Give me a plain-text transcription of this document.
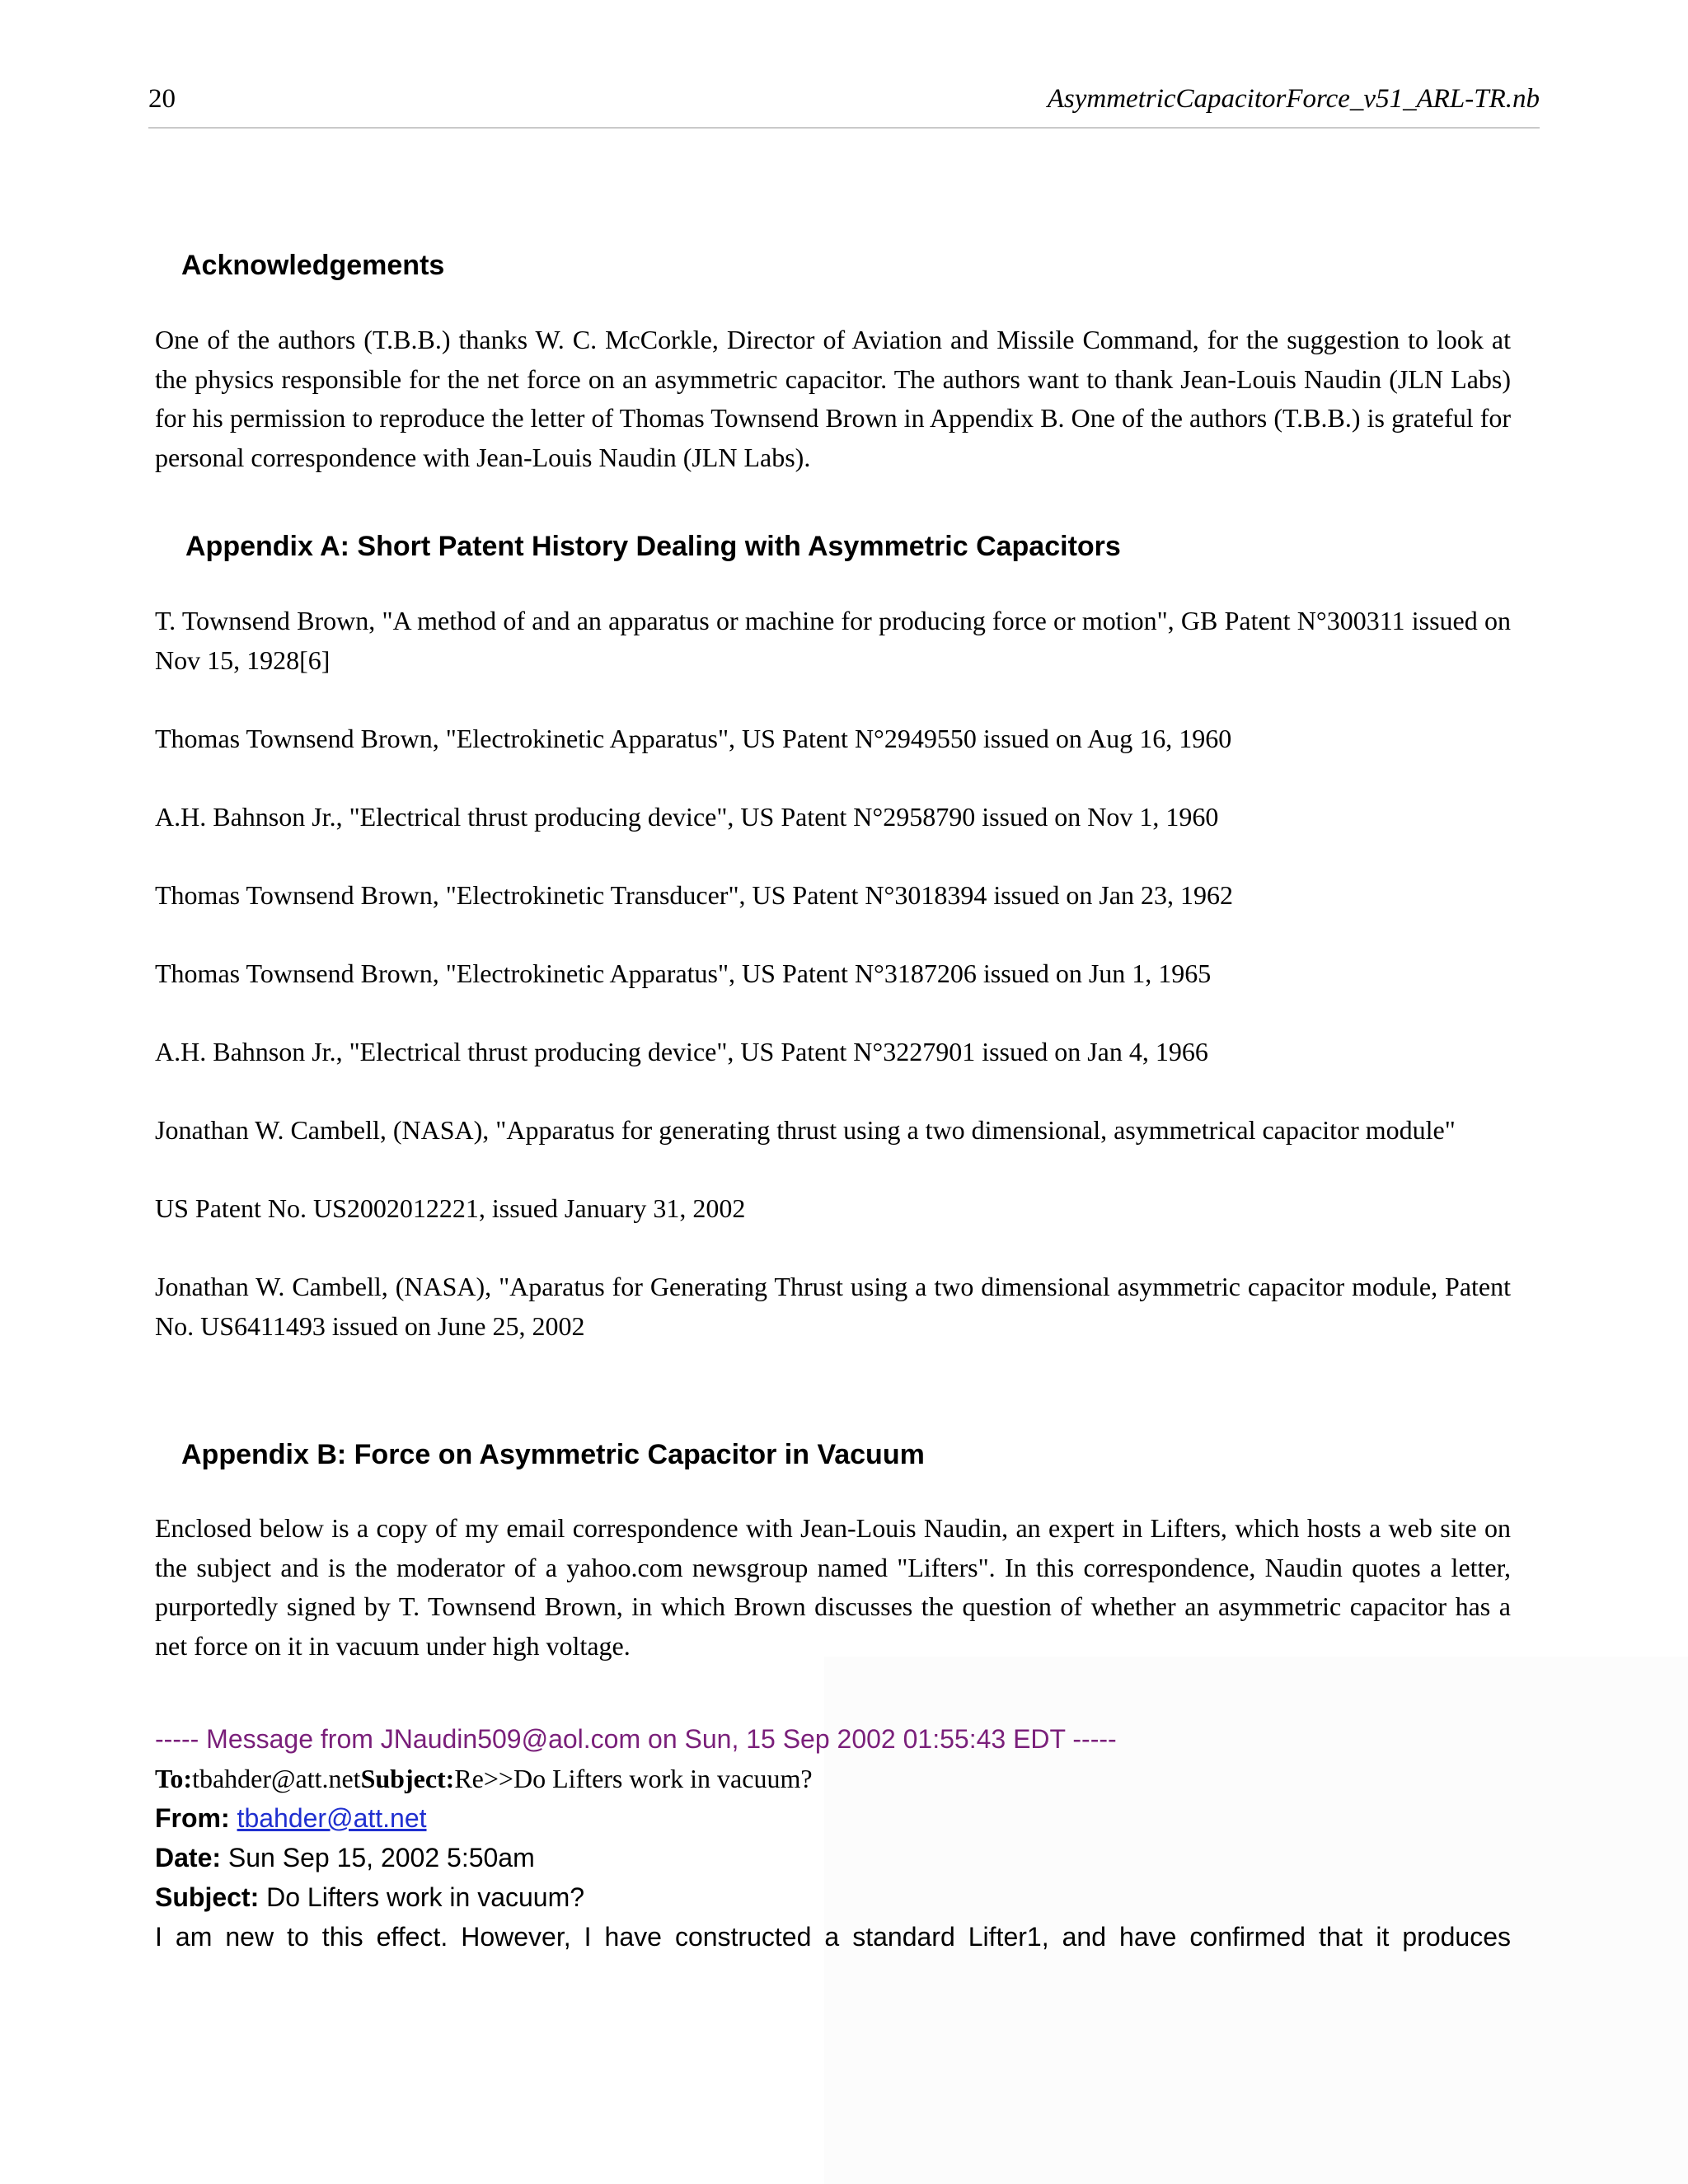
20	AsymmetricCapacitorForce_v51_ARL-TR.nb
Acknowledgements
One of the authors (T.B.B.) thanks W. C. McCorkle, Director of Aviation and Missile Command, for the suggestion to look at the physics responsible for the net force on an asymmetric capacitor. The authors want to thank Jean-Louis Naudin (JLN Labs) for his permission to reproduce the letter of Thomas Townsend Brown in Appendix B. One of the authors (T.B.B.) is grateful for personal correspondence with Jean-Louis Naudin (JLN Labs).
Appendix A: Short Patent History Dealing with Asymmetric Capacitors
T. Townsend Brown, "A method of and an apparatus or machine for producing force or motion", GB Patent N°300311 issued on Nov 15, 1928[6]
Thomas Townsend Brown, "Electrokinetic Apparatus", US Patent N°2949550 issued on Aug 16, 1960
A.H. Bahnson Jr., "Electrical thrust producing device", US Patent N°2958790 issued on Nov 1, 1960
Thomas Townsend Brown, "Electrokinetic Transducer", US Patent N°3018394 issued on Jan 23, 1962
Thomas Townsend Brown, "Electrokinetic Apparatus", US Patent N°3187206 issued on Jun 1, 1965
A.H. Bahnson Jr., "Electrical thrust producing device", US Patent N°3227901 issued on Jan 4, 1966
Jonathan W. Cambell, (NASA), "Apparatus for generating thrust using a two dimensional, asymmetrical capacitor module"
US Patent No. US2002012221, issued January 31, 2002
Jonathan W. Cambell, (NASA), "Aparatus for Generating Thrust using a two dimensional asymmetric capacitor module, Patent No. US6411493 issued on June 25, 2002
Appendix B: Force on Asymmetric Capacitor in Vacuum
Enclosed below is a copy of my email correspondence with Jean-Louis Naudin, an expert in Lifters, which hosts a web site on the subject and is the moderator of a yahoo.com newsgroup named "Lifters". In this correspondence, Naudin quotes a letter, purportedly signed by T. Townsend Brown, in which Brown discusses the question of whether an asymmetric capacitor has a net force on it in vacuum under high voltage.
----- Message from JNaudin509@aol.com on Sun, 15 Sep 2002 01:55:43 EDT -----
To:tbahder@att.netSubject:Re>>Do Lifters work in vacuum?
From: tbahder@att.net
Date: Sun Sep 15, 2002 5:50am
Subject: Do Lifters work in vacuum?
I am new to this effect. However, I have constructed a standard Lifter1, and have confirmed that it produces
